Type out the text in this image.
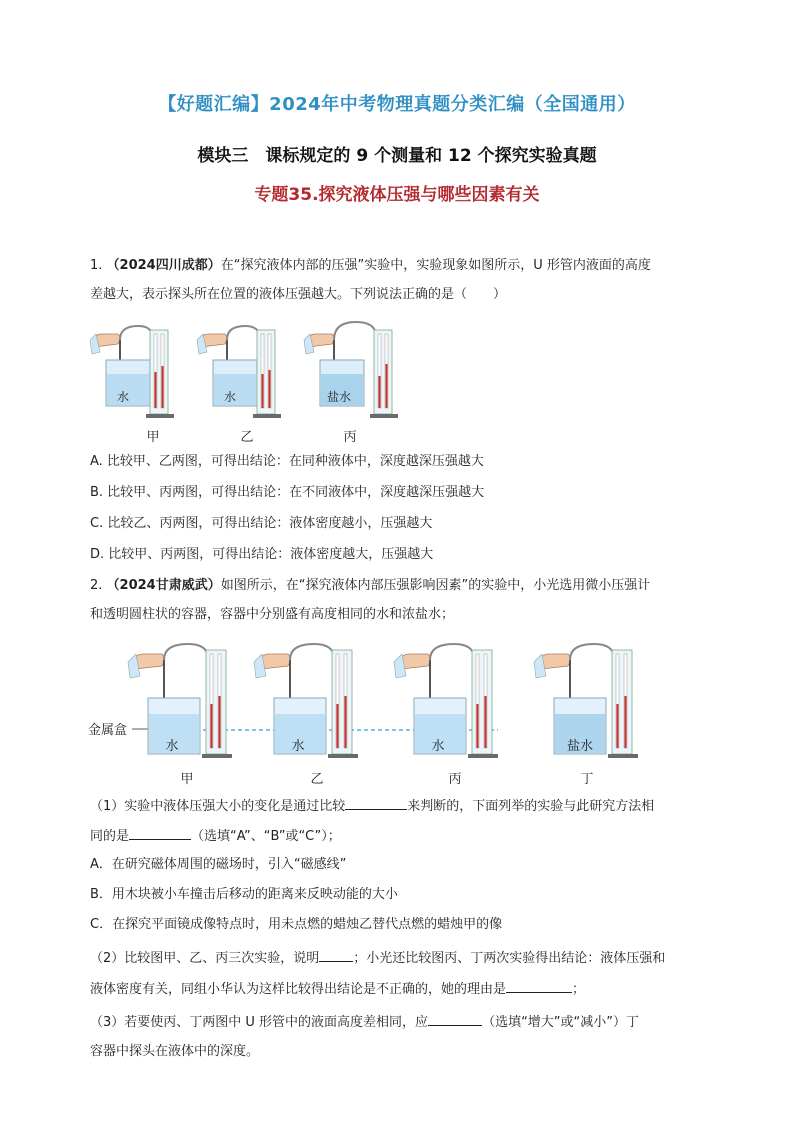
【好题汇编】2024年中考物理真题分类汇编（全国通用）
模块三　课标规定的 9 个测量和 12 个探究实验真题
专题35.探究液体压强与哪些因素有关
1. （2024四川成都）在“探究液体内部的压强”实验中，实验现象如图所示，U 形管内液面的高度
差越大，表示探头所在位置的液体压强越大。下列说法正确的是（　　）
水	水	盐水
甲	乙	丙
A. 比较甲、乙两图，可得出结论：在同种液体中，深度越深压强越大
B. 比较甲、丙两图，可得出结论：在不同液体中，深度越深压强越大
C. 比较乙、丙两图，可得出结论：液体密度越小，压强越大
D. 比较甲、丙两图，可得出结论：液体密度越大，压强越大
2. （2024甘肃威武）如图所示，在“探究液体内部压强影响因素”的实验中，小光选用微小压强计
和透明圆柱状的容器，容器中分别盛有高度相同的水和浓盐水；
金属盒
水	水	水	盐水
甲	乙	丙	丁
（1）实验中液体压强大小的变化是通过比较	来判断的，下面列举的实验与此研究方法相
同的是	（选填“A”、“B”或“C”）；
A．在研究磁体周围的磁场时，引入“磁感线”
B．用木块被小车撞击后移动的距离来反映动能的大小
C．在探究平面镜成像特点时，用未点燃的蜡烛乙替代点燃的蜡烛甲的像
（2）比较图甲、乙、丙三次实验，说明	；小光还比较图丙、丁两次实验得出结论：液体压强和
液体密度有关，同组小华认为这样比较得出结论是不正确的，她的理由是	；
（3）若要使丙、丁两图中 U 形管中的液面高度差相同，应	（选填“增大”或“减小”）丁
容器中探头在液体中的深度。
